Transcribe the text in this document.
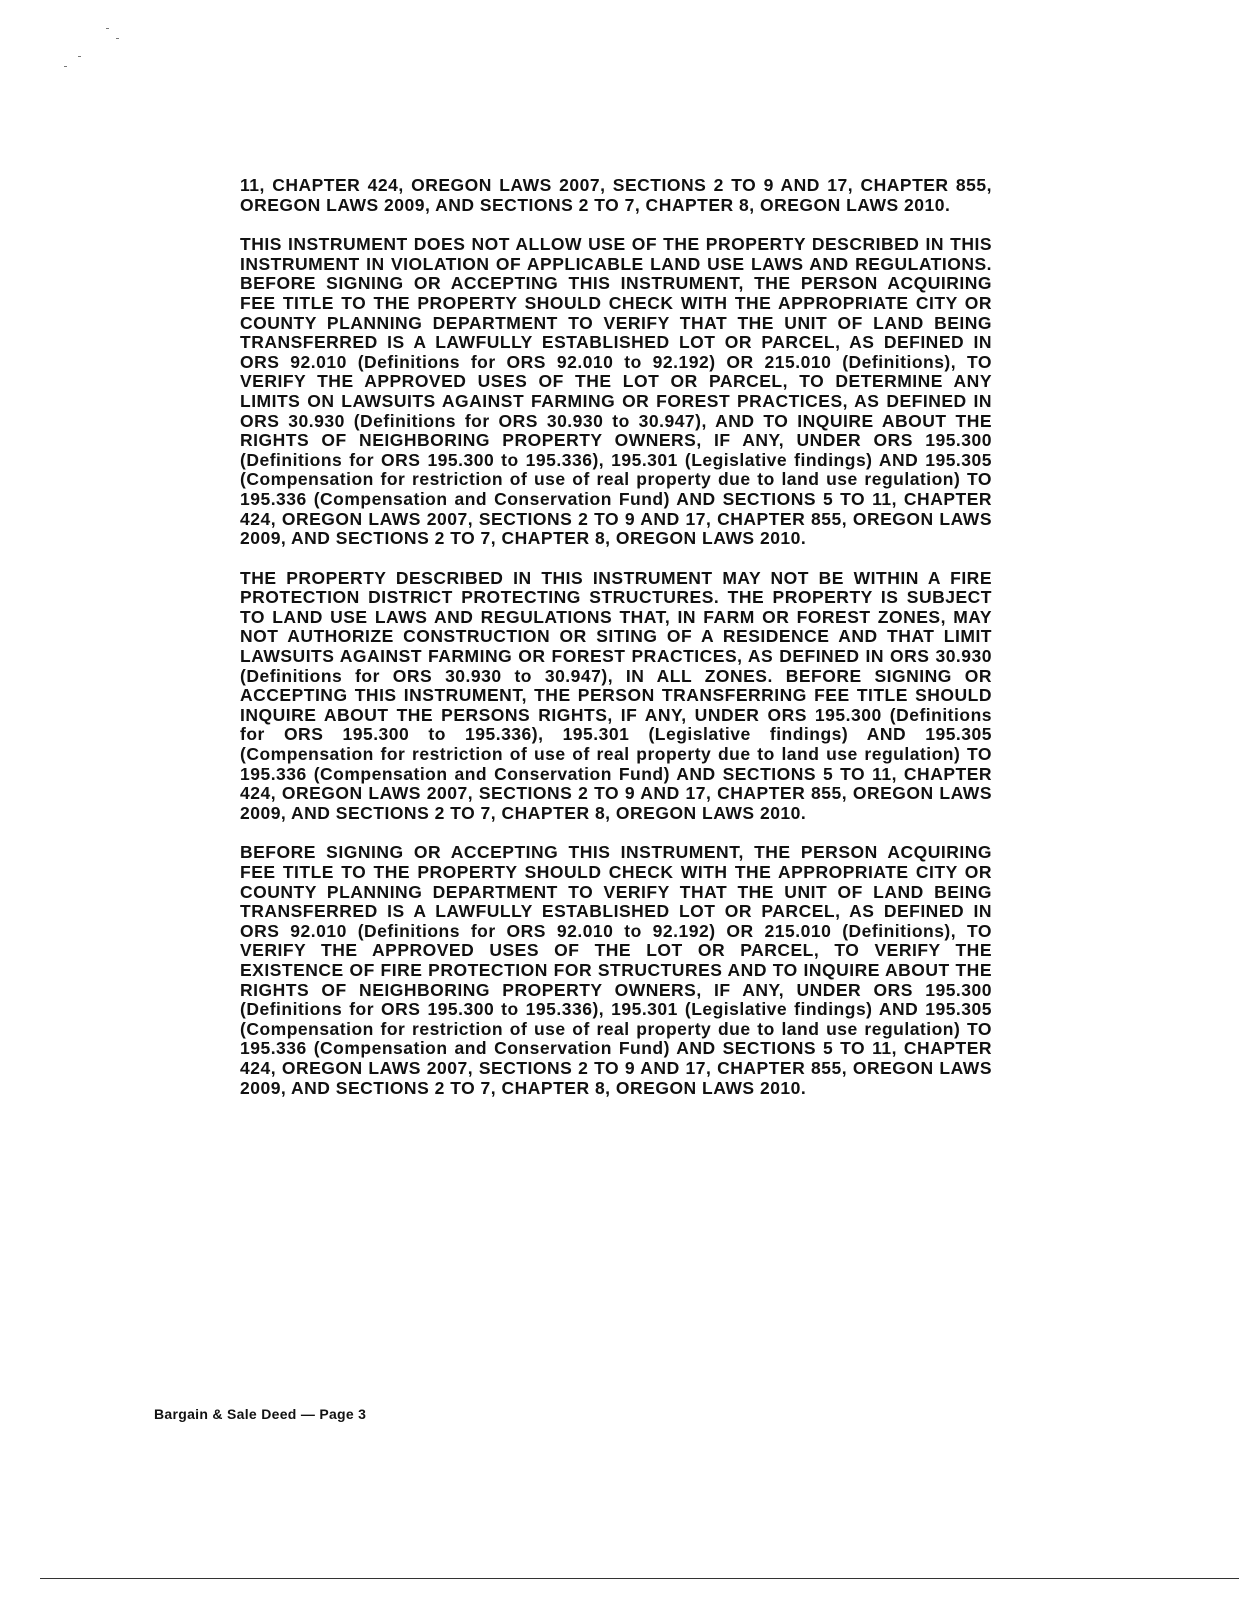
11, CHAPTER 424, OREGON LAWS 2007, SECTIONS 2 TO 9 AND 17, CHAPTER 855, OREGON LAWS 2009, AND SECTIONS 2 TO 7, CHAPTER 8, OREGON LAWS 2010.

THIS INSTRUMENT DOES NOT ALLOW USE OF THE PROPERTY DESCRIBED IN THIS INSTRUMENT IN VIOLATION OF APPLICABLE LAND USE LAWS AND REGULATIONS. BEFORE SIGNING OR ACCEPTING THIS INSTRUMENT, THE PERSON ACQUIRING FEE TITLE TO THE PROPERTY SHOULD CHECK WITH THE APPROPRIATE CITY OR COUNTY PLANNING DEPARTMENT TO VERIFY THAT THE UNIT OF LAND BEING TRANSFERRED IS A LAWFULLY ESTABLISHED LOT OR PARCEL, AS DEFINED IN ORS 92.010 (Definitions for ORS 92.010 to 92.192) OR 215.010 (Definitions), TO VERIFY THE APPROVED USES OF THE LOT OR PARCEL, TO DETERMINE ANY LIMITS ON LAWSUITS AGAINST FARMING OR FOREST PRACTICES, AS DEFINED IN ORS 30.930 (Definitions for ORS 30.930 to 30.947), AND TO INQUIRE ABOUT THE RIGHTS OF NEIGHBORING PROPERTY OWNERS, IF ANY, UNDER ORS 195.300 (Definitions for ORS 195.300 to 195.336), 195.301 (Legislative findings) AND 195.305 (Compensation for restriction of use of real property due to land use regulation) TO 195.336 (Compensation and Conservation Fund) AND SECTIONS 5 TO 11, CHAPTER 424, OREGON LAWS 2007, SECTIONS 2 TO 9 AND 17, CHAPTER 855, OREGON LAWS 2009, AND SECTIONS 2 TO 7, CHAPTER 8, OREGON LAWS 2010.

THE PROPERTY DESCRIBED IN THIS INSTRUMENT MAY NOT BE WITHIN A FIRE PROTECTION DISTRICT PROTECTING STRUCTURES. THE PROPERTY IS SUBJECT TO LAND USE LAWS AND REGULATIONS THAT, IN FARM OR FOREST ZONES, MAY NOT AUTHORIZE CONSTRUCTION OR SITING OF A RESIDENCE AND THAT LIMIT LAWSUITS AGAINST FARMING OR FOREST PRACTICES, AS DEFINED IN ORS 30.930 (Definitions for ORS 30.930 to 30.947), IN ALL ZONES. BEFORE SIGNING OR ACCEPTING THIS INSTRUMENT, THE PERSON TRANSFERRING FEE TITLE SHOULD INQUIRE ABOUT THE PERSONS RIGHTS, IF ANY, UNDER ORS 195.300 (Definitions for ORS 195.300 to 195.336), 195.301 (Legislative findings) AND 195.305 (Compensation for restriction of use of real property due to land use regulation) TO 195.336 (Compensation and Conservation Fund) AND SECTIONS 5 TO 11, CHAPTER 424, OREGON LAWS 2007, SECTIONS 2 TO 9 AND 17, CHAPTER 855, OREGON LAWS 2009, AND SECTIONS 2 TO 7, CHAPTER 8, OREGON LAWS 2010.

BEFORE SIGNING OR ACCEPTING THIS INSTRUMENT, THE PERSON ACQUIRING FEE TITLE TO THE PROPERTY SHOULD CHECK WITH THE APPROPRIATE CITY OR COUNTY PLANNING DEPARTMENT TO VERIFY THAT THE UNIT OF LAND BEING TRANSFERRED IS A LAWFULLY ESTABLISHED LOT OR PARCEL, AS DEFINED IN ORS 92.010 (Definitions for ORS 92.010 to 92.192) OR 215.010 (Definitions), TO VERIFY THE APPROVED USES OF THE LOT OR PARCEL, TO VERIFY THE EXISTENCE OF FIRE PROTECTION FOR STRUCTURES AND TO INQUIRE ABOUT THE RIGHTS OF NEIGHBORING PROPERTY OWNERS, IF ANY, UNDER ORS 195.300 (Definitions for ORS 195.300 to 195.336), 195.301 (Legislative findings) AND 195.305 (Compensation for restriction of use of real property due to land use regulation) TO 195.336 (Compensation and Conservation Fund) AND SECTIONS 5 TO 11, CHAPTER 424, OREGON LAWS 2007, SECTIONS 2 TO 9 AND 17, CHAPTER 855, OREGON LAWS 2009, AND SECTIONS 2 TO 7, CHAPTER 8, OREGON LAWS 2010.

Bargain & Sale Deed — Page 3
